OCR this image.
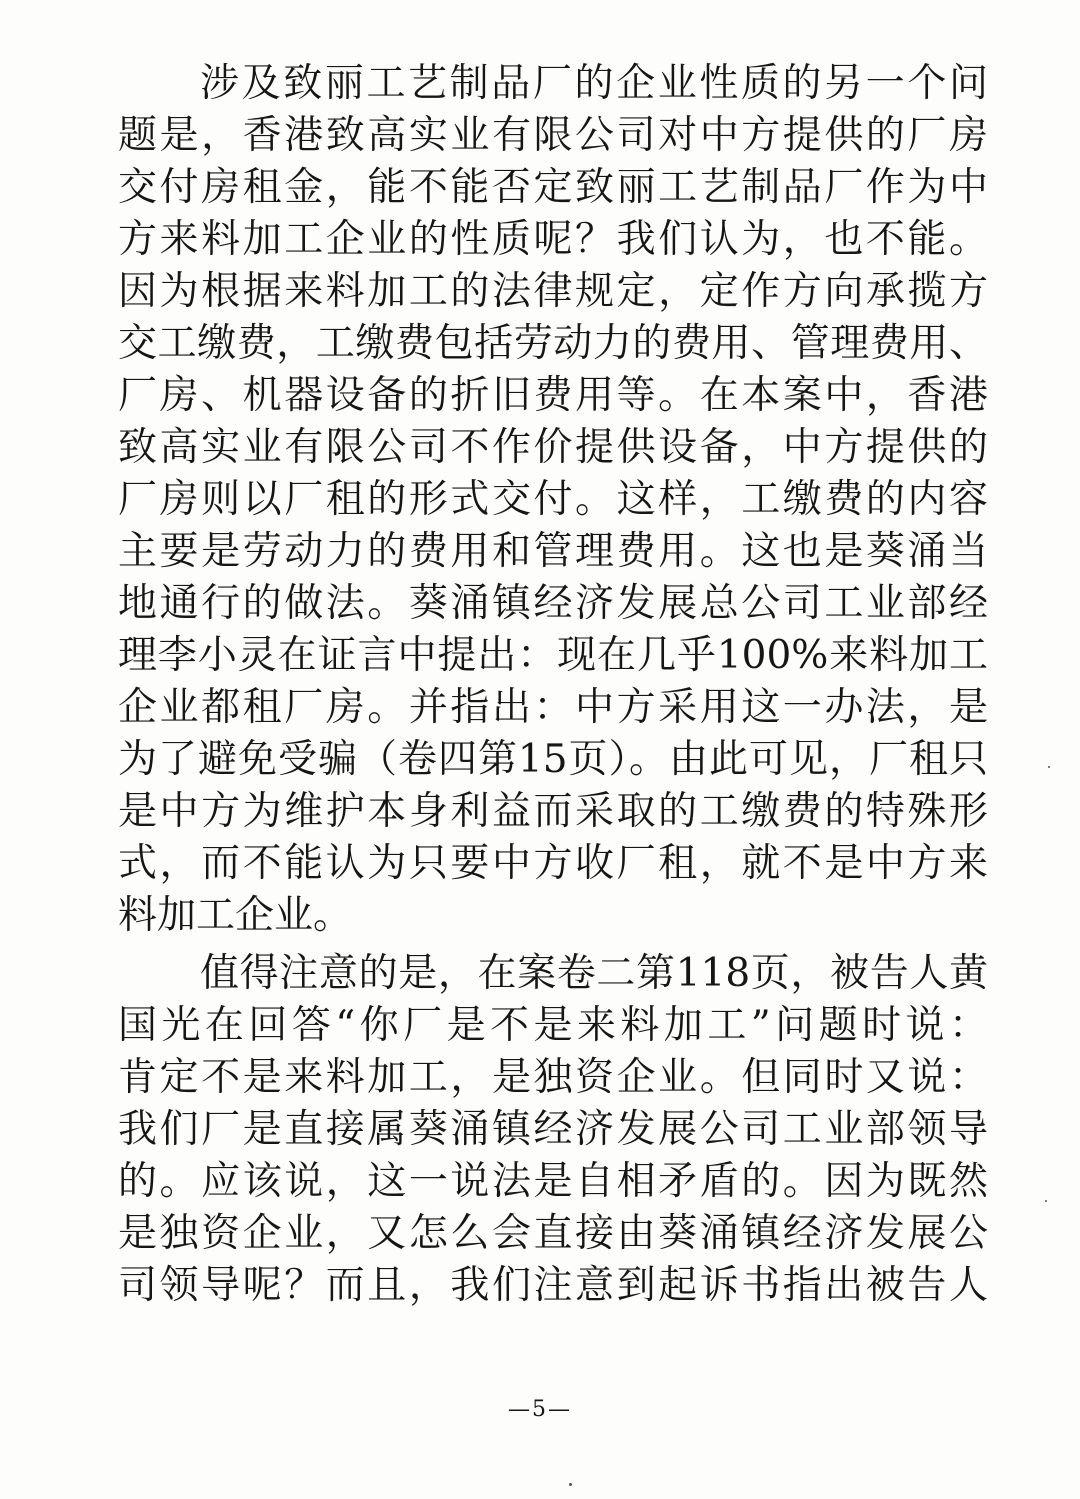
涉及致丽工艺制品厂的企业性质的另一个问
题是，香港致高实业有限公司对中方提供的厂房
交付房租金，能不能否定致丽工艺制品厂作为中
方来料加工企业的性质呢？我们认为，也不能。
因为根据来料加工的法律规定，定作方向承揽方
交工缴费，工缴费包括劳动力的费用、管理费用、
厂房、机器设备的折旧费用等。在本案中，香港
致高实业有限公司不作价提供设备，中方提供的
厂房则以厂租的形式交付。这样，工缴费的内容
主要是劳动力的费用和管理费用。这也是葵涌当
地通行的做法。葵涌镇经济发展总公司工业部经
理李小灵在证言中提出：现在几乎100%来料加工
企业都租厂房。并指出：中方采用这一办法，是
为了避免受骗（卷四第15页）。由此可见，厂租只
是中方为维护本身利益而采取的工缴费的特殊形
式，而不能认为只要中方收厂租，就不是中方来
料加工企业。
值得注意的是，在案卷二第118页，被告人黄
国光在回答“你厂是不是来料加工”问题时说：
肯定不是来料加工，是独资企业。但同时又说：
我们厂是直接属葵涌镇经济发展公司工业部领导
的。应该说，这一说法是自相矛盾的。因为既然
是独资企业，又怎么会直接由葵涌镇经济发展公
司领导呢？而且，我们注意到起诉书指出被告人
—5—
